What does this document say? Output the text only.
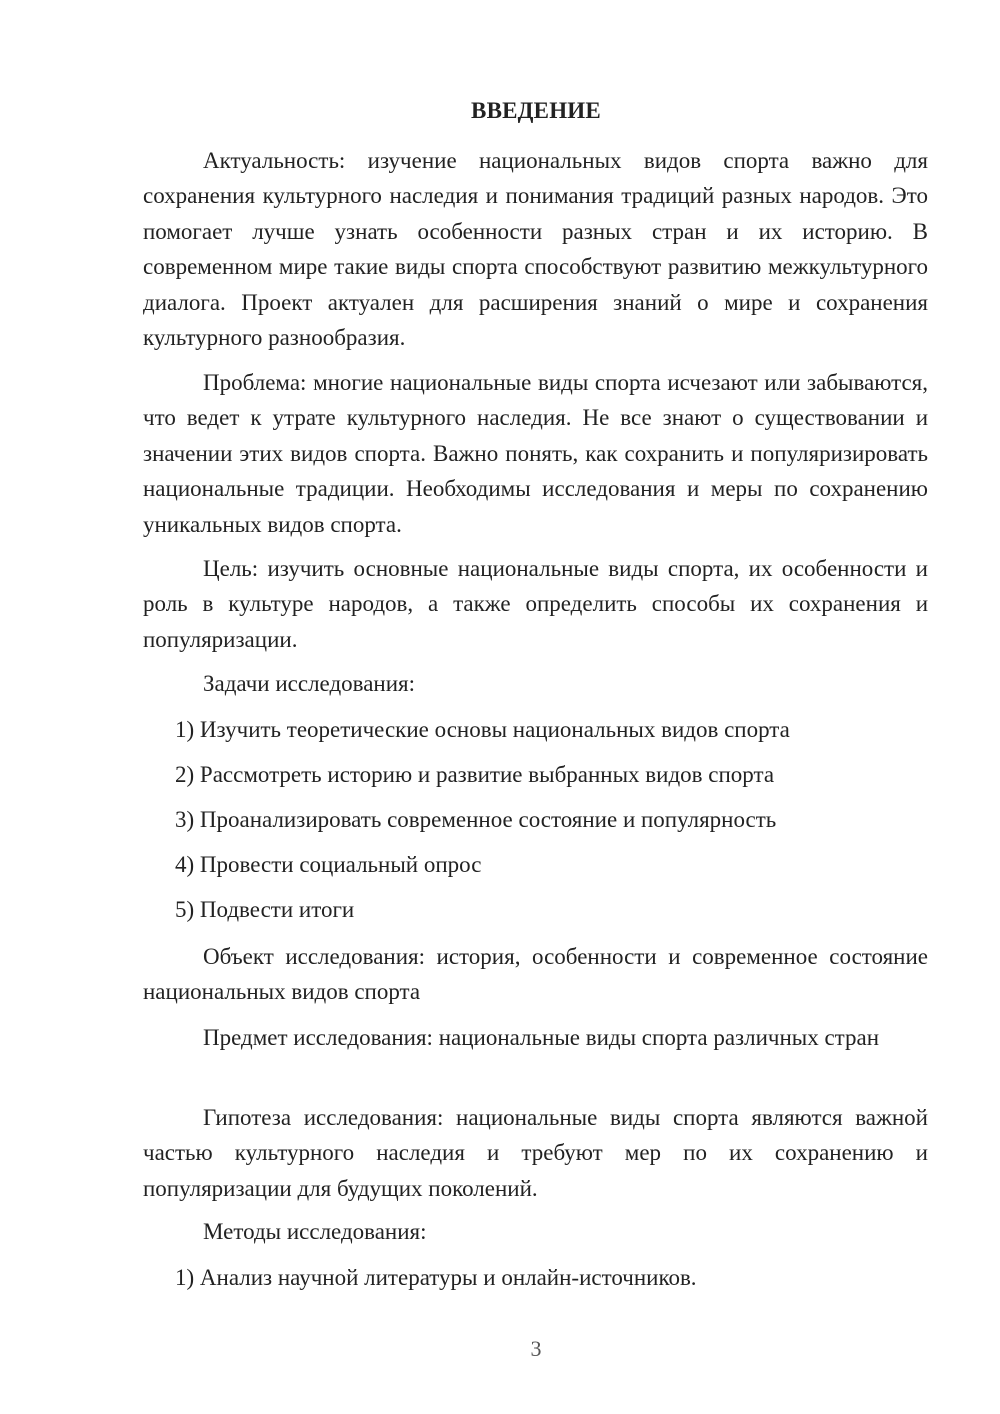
ВВЕДЕНИЕ

Актуальность: изучение национальных видов спорта важно для сохранения культурного наследия и понимания традиций разных народов. Это помогает лучше узнать особенности разных стран и их историю. В современном мире такие виды спорта способствуют развитию межкультурного диалога. Проект актуален для расширения знаний о мире и сохранения культурного разнообразия.

Проблема: многие национальные виды спорта исчезают или забываются, что ведет к утрате культурного наследия. Не все знают о существовании и значении этих видов спорта. Важно понять, как сохранить и популяризировать национальные традиции. Необходимы исследования и меры по сохранению уникальных видов спорта.

Цель: изучить основные национальные виды спорта, их особенности и роль в культуре народов, а также определить способы их сохранения и популяризации.

Задачи исследования:
1) Изучить теоретические основы национальных видов спорта
2) Рассмотреть историю и развитие выбранных видов спорта
3) Проанализировать современное состояние и популярность
4) Провести социальный опрос
5) Подвести итоги

Объект исследования: история, особенности и современное состояние национальных видов спорта

Предмет исследования: национальные виды спорта различных стран

Гипотеза исследования: национальные виды спорта являются важной частью культурного наследия и требуют мер по их сохранению и популяризации для будущих поколений.

Методы исследования:
1) Анализ научной литературы и онлайн-источников.
3
